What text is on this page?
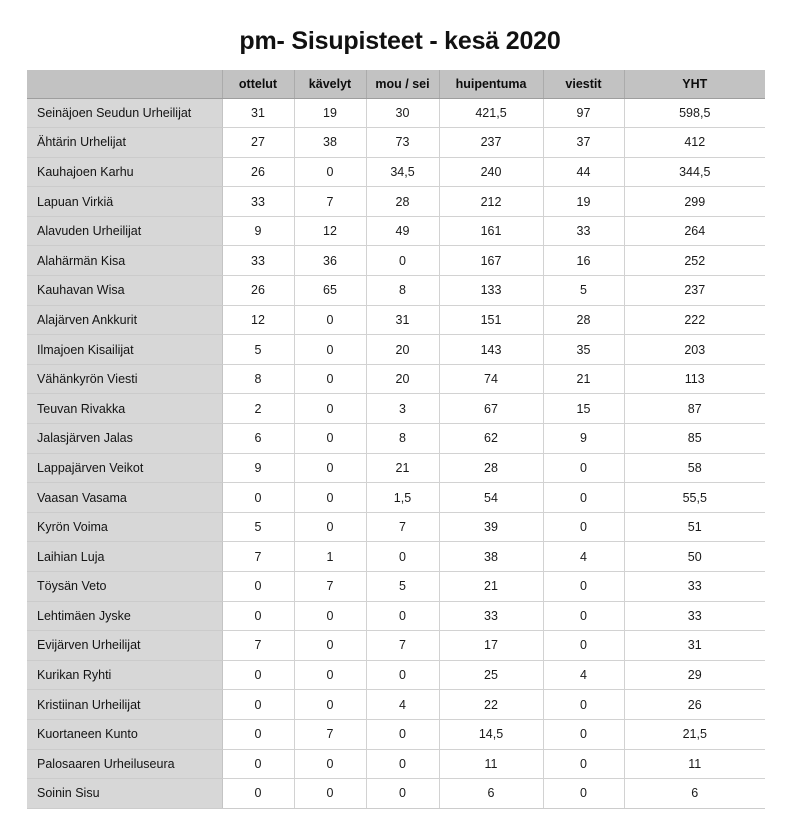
pm- Sisupisteet - kesä 2020
	ottelut	kävelyt	mou / sei	huipentuma	viestit	YHT
Seinäjoen Seudun Urheilijat	31	19	30	421,5	97	598,5
Ähtärin Urhelijat	27	38	73	237	37	412
Kauhajoen Karhu	26	0	34,5	240	44	344,5
Lapuan Virkiä	33	7	28	212	19	299
Alavuden Urheilijat	9	12	49	161	33	264
Alahärmän Kisa	33	36	0	167	16	252
Kauhavan Wisa	26	65	8	133	5	237
Alajärven Ankkurit	12	0	31	151	28	222
Ilmajoen Kisailijat	5	0	20	143	35	203
Vähänkyrön Viesti	8	0	20	74	21	113
Teuvan Rivakka	2	0	3	67	15	87
Jalasjärven Jalas	6	0	8	62	9	85
Lappajärven Veikot	9	0	21	28	0	58
Vaasan Vasama	0	0	1,5	54	0	55,5
Kyrön Voima	5	0	7	39	0	51
Laihian Luja	7	1	0	38	4	50
Töysän Veto	0	7	5	21	0	33
Lehtimäen Jyske	0	0	0	33	0	33
Evijärven Urheilijat	7	0	7	17	0	31
Kurikan Ryhti	0	0	0	25	4	29
Kristiinan Urheilijat	0	0	4	22	0	26
Kuortaneen Kunto	0	7	0	14,5	0	21,5
Palosaaren Urheiluseura	0	0	0	11	0	11
Soinin Sisu	0	0	0	6	0	6
